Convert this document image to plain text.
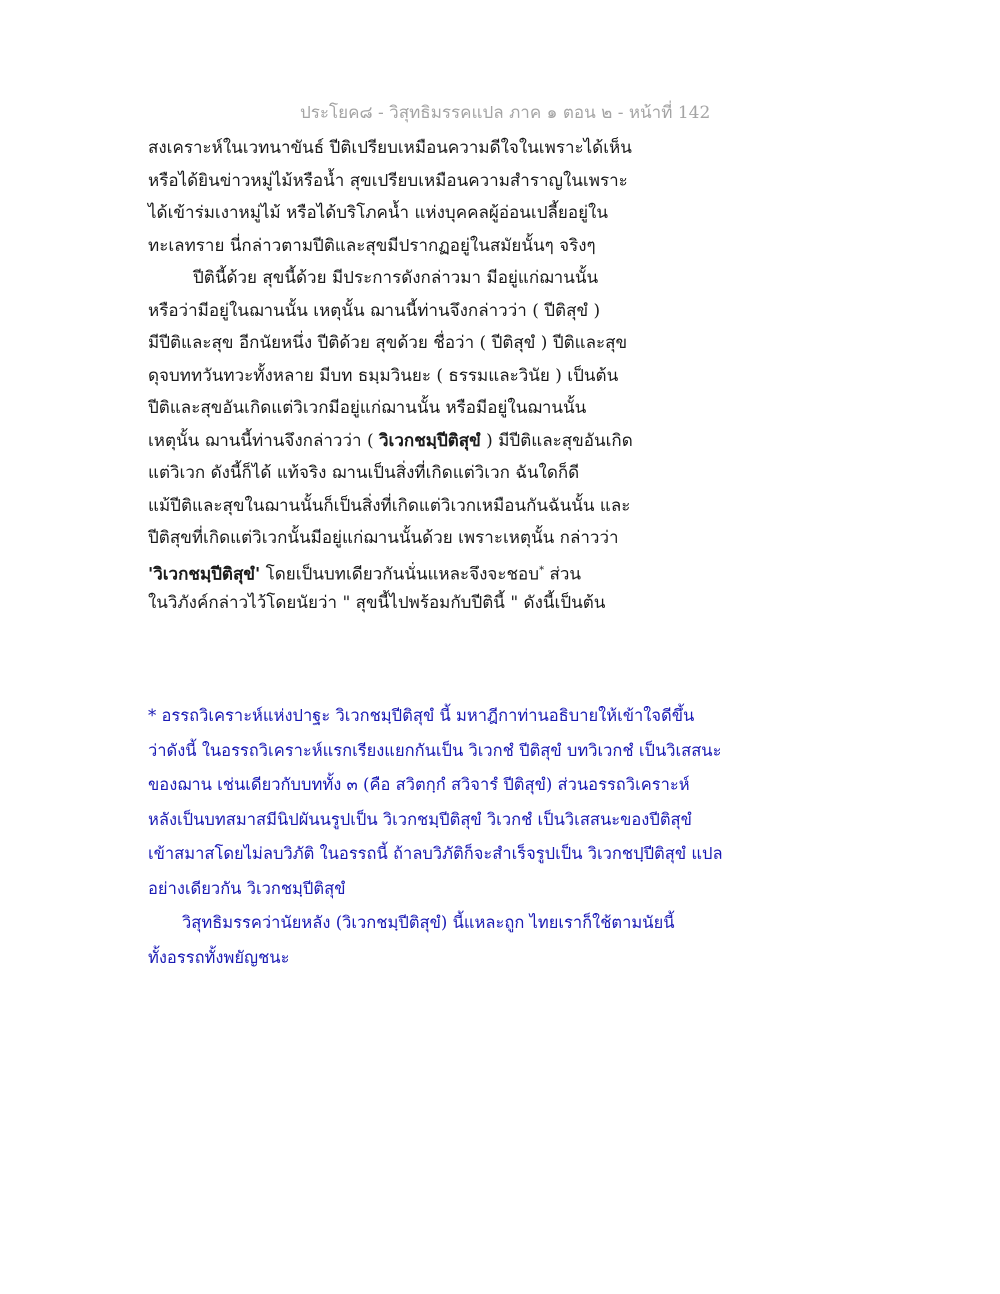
ประโยค๘ - วิสุทธิมรรคแปล ภาค ๑ ตอน ๒ - หน้าที่ 142
สงเคราะห์ในเวทนาขันธ์ ปีติเปรียบเหมือนความดีใจในเพราะได้เห็น
หรือได้ยินข่าวหมู่ไม้หรือน้ำ สุขเปรียบเหมือนความสำราญในเพราะ
ได้เข้าร่มเงาหมู่ไม้ หรือได้บริโภคน้ำ แห่งบุคคลผู้อ่อนเปลี้ยอยู่ใน
ทะเลทราย นี่กล่าวตามปีติและสุขมีปรากฏอยู่ในสมัยนั้นๆ จริงๆ
ปีตินี้ด้วย สุขนี้ด้วย มีประการดังกล่าวมา มีอยู่แก่ฌานนั้น
หรือว่ามีอยู่ในฌานนั้น เหตุนั้น ฌานนี้ท่านจึงกล่าวว่า ( ปีติสุขํ )
มีปีติและสุข อีกนัยหนึ่ง ปีติด้วย สุขด้วย ชื่อว่า ( ปีติสุขํ ) ปีติและสุข
ดุจบททวันทวะทั้งหลาย มีบท ธมฺมวินยะ ( ธรรมและวินัย ) เป็นต้น
ปีติและสุขอันเกิดแต่วิเวกมีอยู่แก่ฌานนั้น หรือมีอยู่ในฌานนั้น
เหตุนั้น ฌานนี้ท่านจึงกล่าวว่า ( วิเวกชมฺปีติสุขํ ) มีปีติและสุขอันเกิด
แต่วิเวก ดังนี้ก็ได้ แท้จริง ฌานเป็นสิ่งที่เกิดแต่วิเวก ฉันใดก็ดี
แม้ปีติและสุขในฌานนั้นก็เป็นสิ่งที่เกิดแต่วิเวกเหมือนกันฉันนั้น และ
ปีติสุขที่เกิดแต่วิเวกนั้นมีอยู่แก่ฌานนั้นด้วย เพราะเหตุนั้น กล่าวว่า
'วิเวกชมฺปีติสุขํ' โดยเป็นบทเดียวกันนั่นแหละจึงจะชอบ* ส่วน
ในวิภังค์กล่าวไว้โดยนัยว่า " สุขนี้ไปพร้อมกับปีตินี้ " ดังนี้เป็นต้น
* อรรถวิเคราะห์แห่งปาฐะ วิเวกชมฺปีติสุขํ นี้ มหาฎีกาท่านอธิบายให้เข้าใจดีขึ้น
ว่าดังนี้ ในอรรถวิเคราะห์แรกเรียงแยกกันเป็น วิเวกชํ ปีติสุขํ บทวิเวกชํ เป็นวิเสสนะ
ของฌาน เช่นเดียวกับบททั้ง ๓ (คือ สวิตกฺกํ สวิจารํ ปีติสุขํ) ส่วนอรรถวิเคราะห์
หลังเป็นบทสมาสมีนิปผันนรูปเป็น วิเวกชมฺปีติสุขํ วิเวกชํ เป็นวิเสสนะของปีติสุขํ
เข้าสมาสโดยไม่ลบวิภัติ ในอรรถนี้ ถ้าลบวิภัติก็จะสำเร็จรูปเป็น วิเวกชปฺปีติสุขํ แปล
อย่างเดียวกัน วิเวกชมฺปีติสุขํ
วิสุทธิมรรคว่านัยหลัง (วิเวกชมฺปีติสุขํ) นี้แหละถูก ไทยเราก็ใช้ตามนัยนี้
ทั้งอรรถทั้งพยัญชนะ
